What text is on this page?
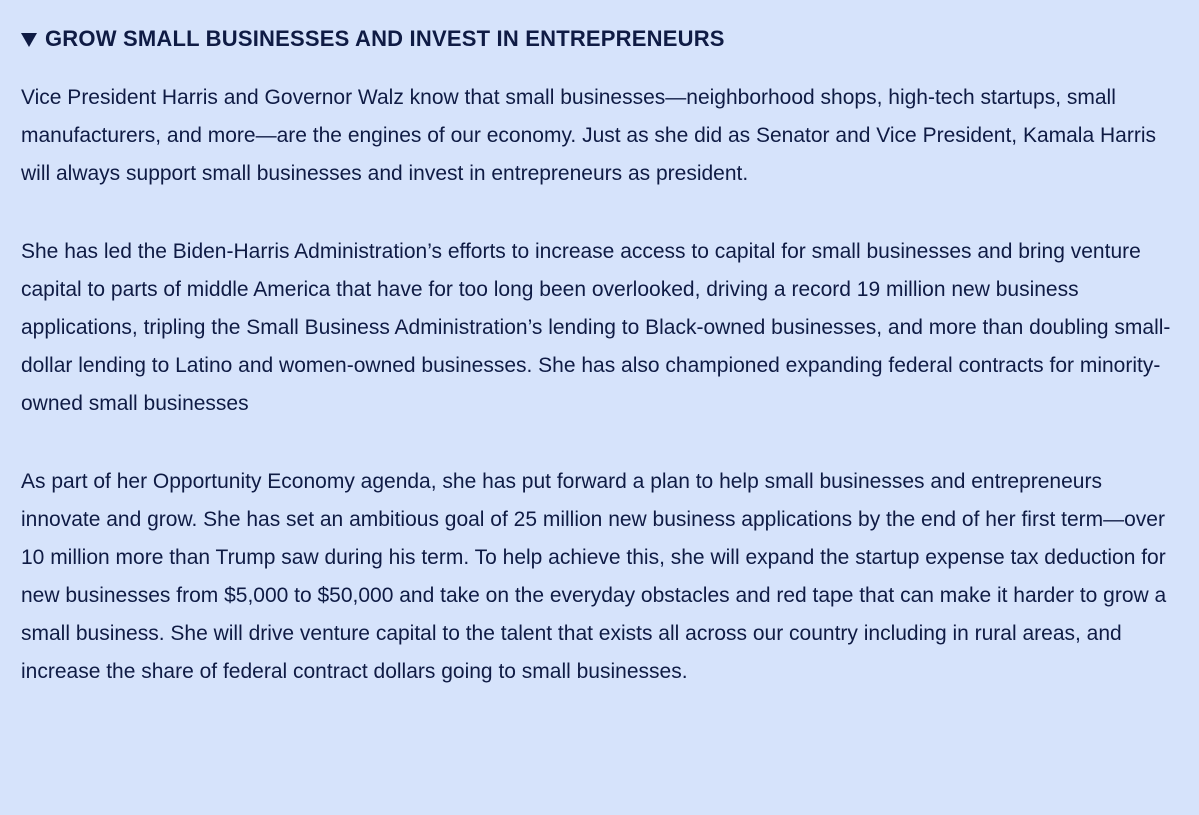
GROW SMALL BUSINESSES AND INVEST IN ENTREPRENEURS

Vice President Harris and Governor Walz know that small businesses—neighborhood shops, high-tech startups, small manufacturers, and more—are the engines of our economy. Just as she did as Senator and Vice President, Kamala Harris will always support small businesses and invest in entrepreneurs as president.

She has led the Biden-Harris Administration’s efforts to increase access to capital for small businesses and bring venture capital to parts of middle America that have for too long been overlooked, driving a record 19 million new business applications, tripling the Small Business Administration’s lending to Black-owned businesses, and more than doubling small-dollar lending to Latino and women-owned businesses. She has also championed expanding federal contracts for minority-owned small businesses

As part of her Opportunity Economy agenda, she has put forward a plan to help small businesses and entrepreneurs innovate and grow. She has set an ambitious goal of 25 million new business applications by the end of her first term—over 10 million more than Trump saw during his term. To help achieve this, she will expand the startup expense tax deduction for new businesses from $5,000 to $50,000 and take on the everyday obstacles and red tape that can make it harder to grow a small business. She will drive venture capital to the talent that exists all across our country including in rural areas, and increase the share of federal contract dollars going to small businesses.
